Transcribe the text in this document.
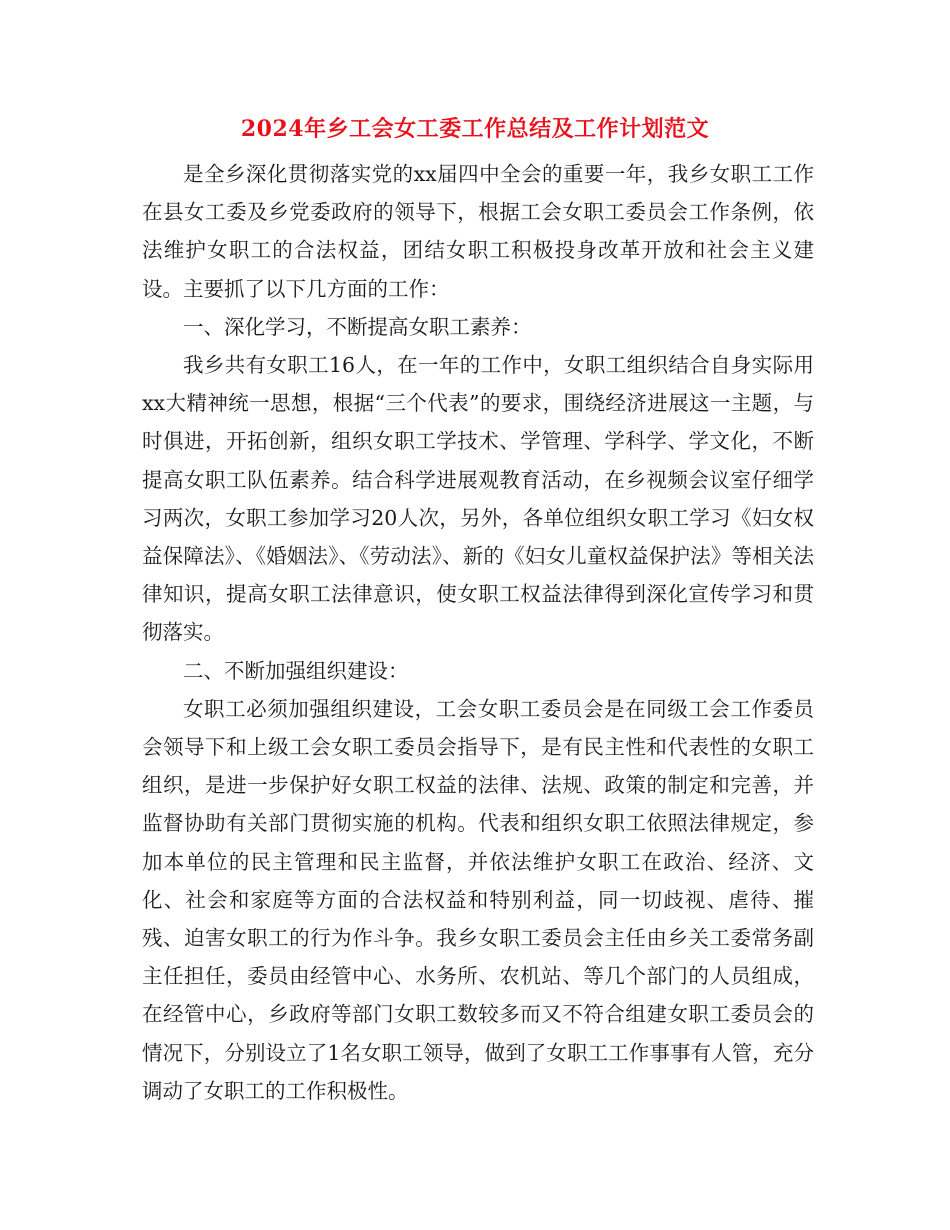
2024年乡工会女工委工作总结及工作计划范文

是全乡深化贯彻落实党的xx届四中全会的重要一年，我乡女职工工作在县女工委及乡党委政府的领导下，根据工会女职工委员会工作条例，依法维护女职工的合法权益，团结女职工积极投身改革开放和社会主义建设。主要抓了以下几方面的工作：

一、深化学习，不断提高女职工素养：

我乡共有女职工16人，在一年的工作中，女职工组织结合自身实际用xx大精神统一思想，根据“三个代表”的要求，围绕经济进展这一主题，与时俱进，开拓创新，组织女职工学技术、学管理、学科学、学文化，不断提高女职工队伍素养。结合科学进展观教育活动，在乡视频会议室仔细学习两次，女职工参加学习20人次，另外，各单位组织女职工学习《妇女权益保障法》、《婚姻法》、《劳动法》、新的《妇女儿童权益保护法》等相关法律知识，提高女职工法律意识，使女职工权益法律得到深化宣传学习和贯彻落实。

二、不断加强组织建设：

女职工必须加强组织建设，工会女职工委员会是在同级工会工作委员会领导下和上级工会女职工委员会指导下，是有民主性和代表性的女职工组织，是进一步保护好女职工权益的法律、法规、政策的制定和完善，并监督协助有关部门贯彻实施的机构。代表和组织女职工依照法律规定，参加本单位的民主管理和民主监督，并依法维护女职工在政治、经济、文化、社会和家庭等方面的合法权益和特别利益，同一切歧视、虐待、摧残、迫害女职工的行为作斗争。我乡女职工委员会主任由乡关工委常务副主任担任，委员由经管中心、水务所、农机站、等几个部门的人员组成，在经管中心，乡政府等部门女职工数较多而又不符合组建女职工委员会的情况下，分别设立了1名女职工领导，做到了女职工工作事事有人管，充分调动了女职工的工作积极性。
